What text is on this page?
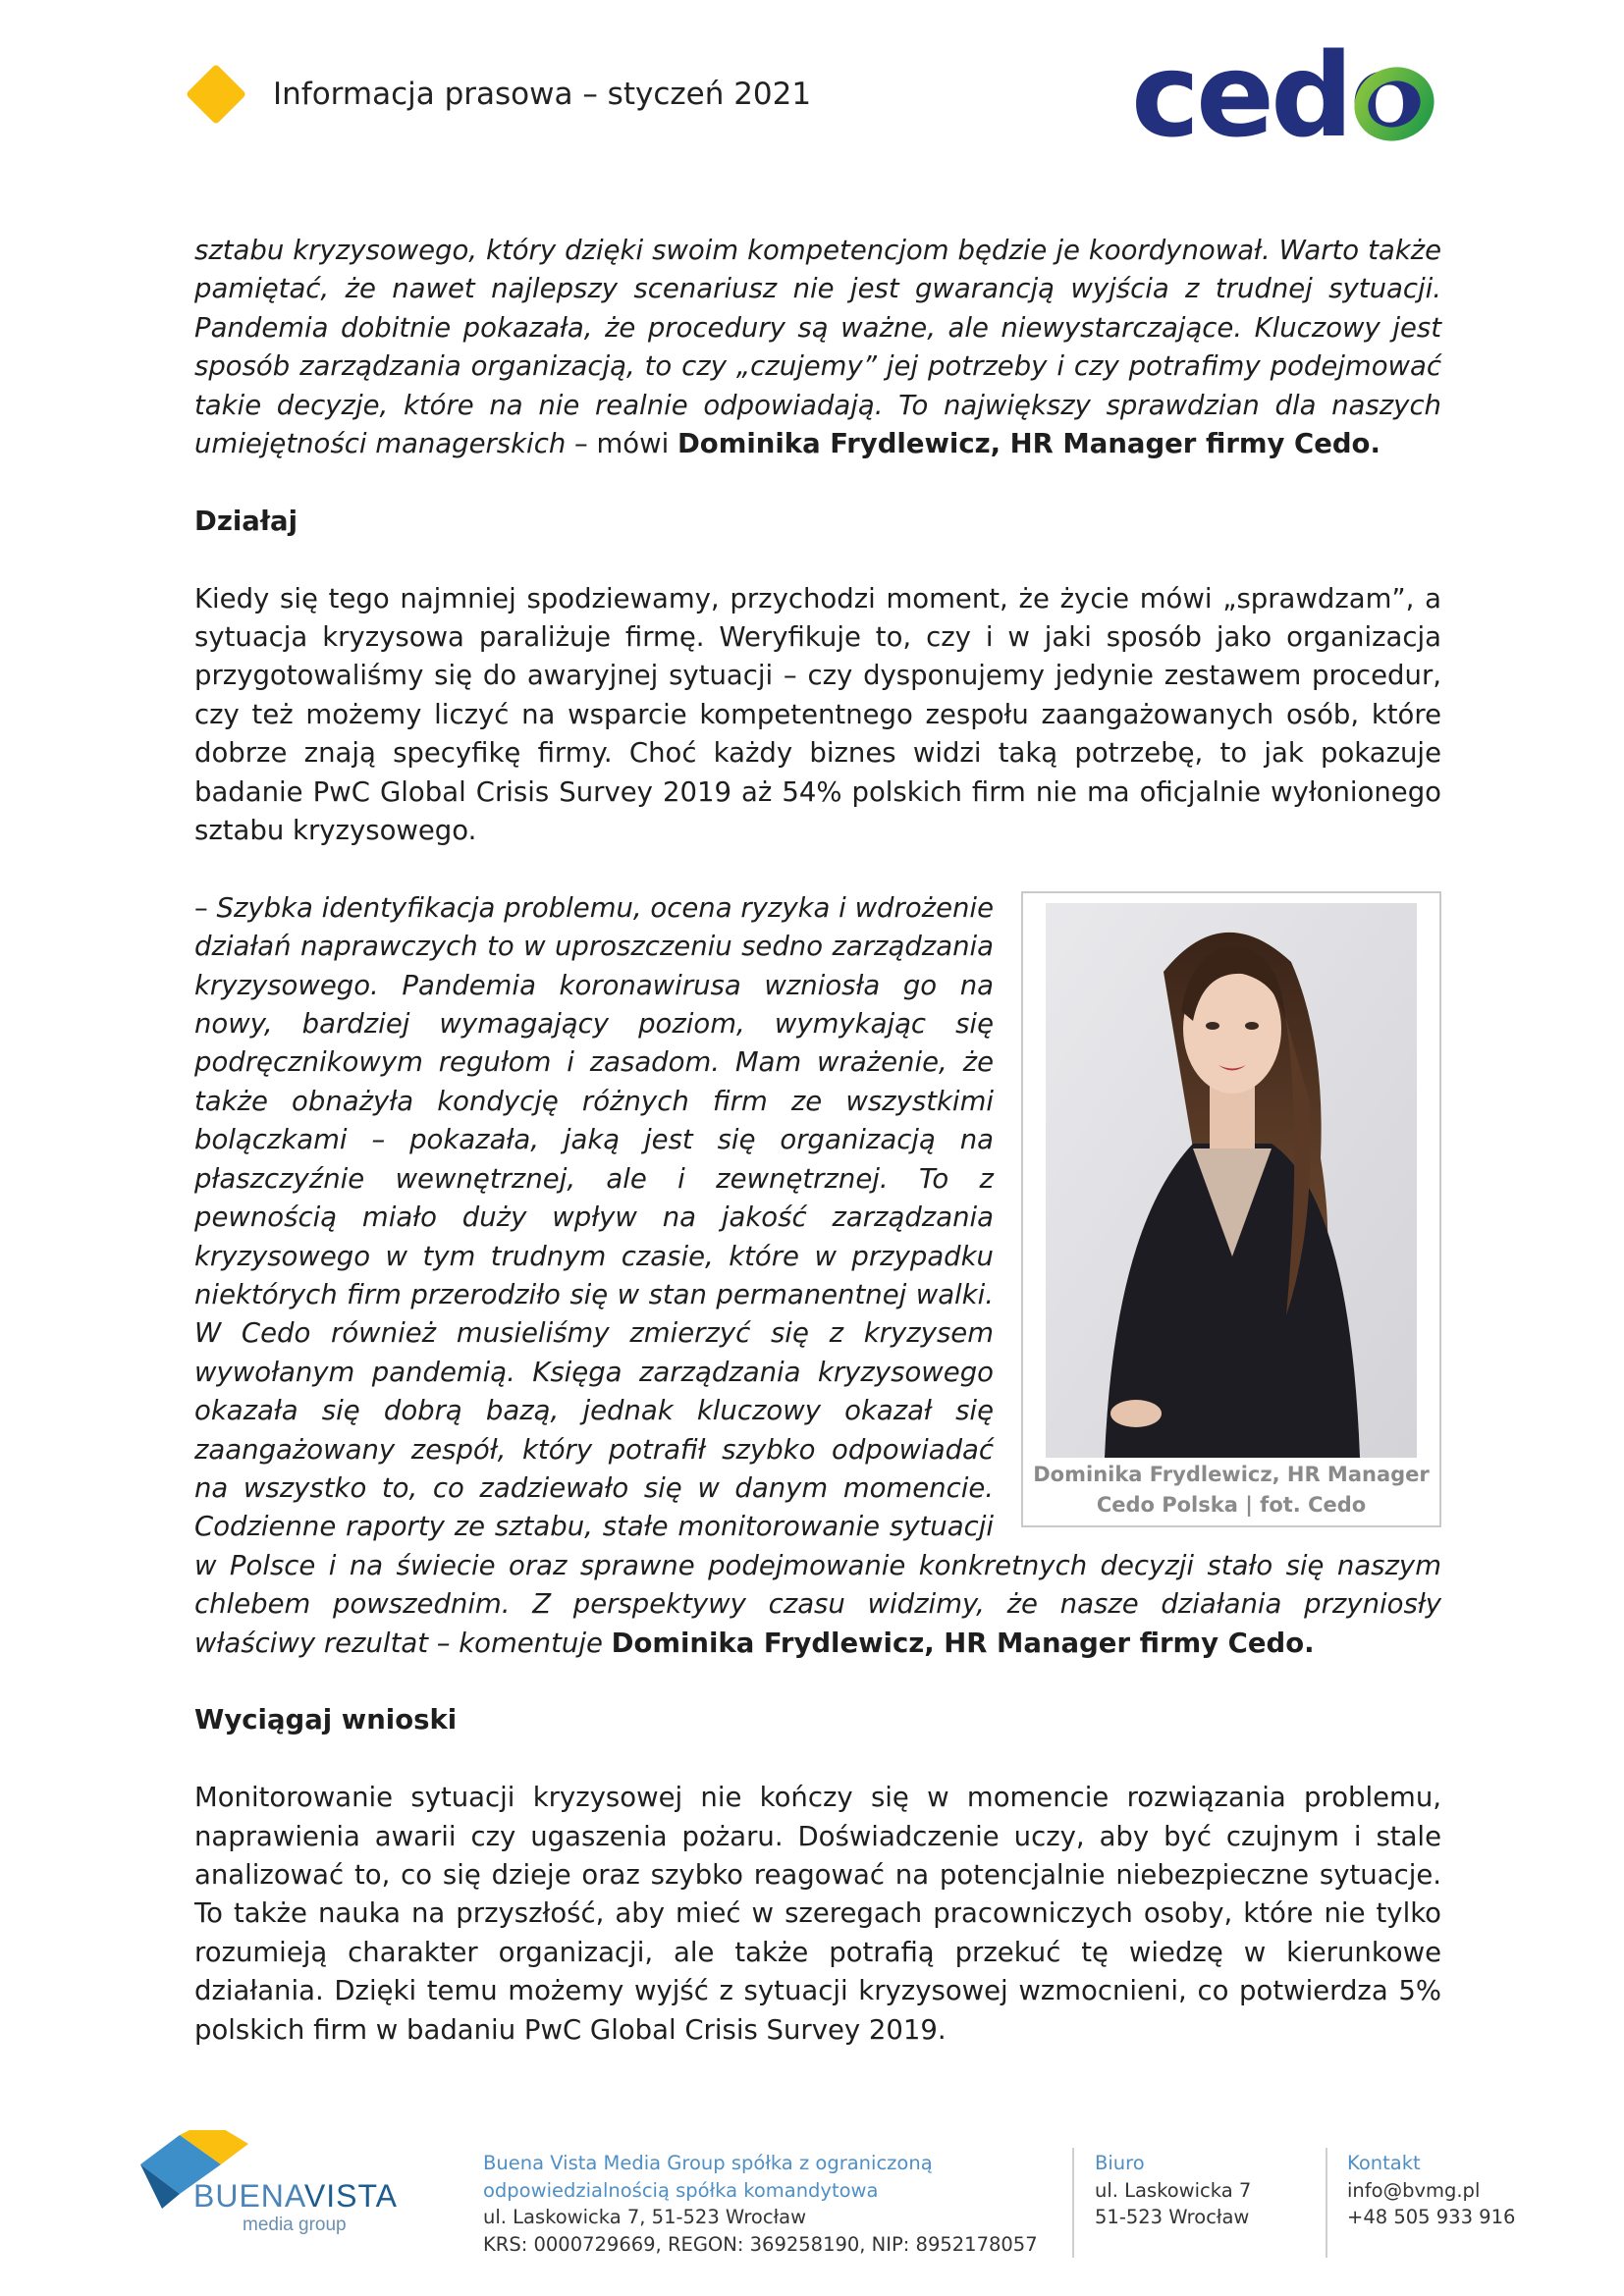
Informacja prasowa – styczeń 2021	cedo

sztabu kryzysowego, który dzięki swoim kompetencjom będzie je koordynował. Warto także pamiętać, że nawet najlepszy scenariusz nie jest gwarancją wyjścia z trudnej sytuacji. Pandemia dobitnie pokazała, że procedury są ważne, ale niewystarczające. Kluczowy jest sposób zarządzania organizacją, to czy „czujemy” jej potrzeby i czy potrafimy podejmować takie decyzje, które na nie realnie odpowiadają. To największy sprawdzian dla naszych umiejętności managerskich – mówi Dominika Frydlewicz, HR Manager firmy Cedo.

Działaj

Kiedy się tego najmniej spodziewamy, przychodzi moment, że życie mówi „sprawdzam”, a sytuacja kryzysowa paraliżuje firmę. Weryfikuje to, czy i w jaki sposób jako organizacja przygotowaliśmy się do awaryjnej sytuacji – czy dysponujemy jedynie zestawem procedur, czy też możemy liczyć na wsparcie kompetentnego zespołu zaangażowanych osób, które dobrze znają specyfikę firmy. Choć każdy biznes widzi taką potrzebę, to jak pokazuje badanie PwC Global Crisis Survey 2019 aż 54% polskich firm nie ma oficjalnie wyłonionego sztabu kryzysowego.

Dominika Frydlewicz, HR Manager
Cedo Polska | fot. Cedo
– Szybka identyfikacja problemu, ocena ryzyka i wdrożenie działań naprawczych to w uproszczeniu sedno zarządzania kryzysowego. Pandemia koronawirusa wzniosła go na nowy, bardziej wymagający poziom, wymykając się podręcznikowym regułom i zasadom. Mam wrażenie, że także obnażyła kondycję różnych firm ze wszystkimi bolączkami – pokazała, jaką jest się organizacją na płaszczyźnie wewnętrznej, ale i zewnętrznej. To z pewnością miało duży wpływ na jakość zarządzania kryzysowego w tym trudnym czasie, które w przypadku niektórych firm przerodziło się w stan permanentnej walki. W Cedo również musieliśmy zmierzyć się z kryzysem wywołanym pandemią. Księga zarządzania kryzysowego okazała się dobrą bazą, jednak kluczowy okazał się zaangażowany zespół, który potrafił szybko odpowiadać na wszystko to, co zadziewało się w danym momencie. Codzienne raporty ze sztabu, stałe monitorowanie sytuacji w Polsce i na świecie oraz sprawne podejmowanie konkretnych decyzji stało się naszym chlebem powszednim. Z perspektywy czasu widzimy, że nasze działania przyniosły właściwy rezultat – komentuje Dominika Frydlewicz, HR Manager firmy Cedo.

Wyciągaj wnioski

Monitorowanie sytuacji kryzysowej nie kończy się w momencie rozwiązania problemu, naprawienia awarii czy ugaszenia pożaru. Doświadczenie uczy, aby być czujnym i stale analizować to, co się dzieje oraz szybko reagować na potencjalnie niebezpieczne sytuacje. To także nauka na przyszłość, aby mieć w szeregach pracowniczych osoby, które nie tylko rozumieją charakter organizacji, ale także potrafią przekuć tę wiedzę w kierunkowe działania. Dzięki temu możemy wyjść z sytuacji kryzysowej wzmocnieni, co potwierdza 5% polskich firm w badaniu PwC Global Crisis Survey 2019.

BUENAVISTA
media group
Buena Vista Media Group spółka z ograniczoną
odpowiedzialnością spółka komandytowa
ul. Laskowicka 7, 51-523 Wrocław
KRS: 0000729669, REGON: 369258190, NIP: 8952178057
Biuro
ul. Laskowicka 7
51-523 Wrocław
Kontakt
info@bvmg.pl
+48 505 933 916
